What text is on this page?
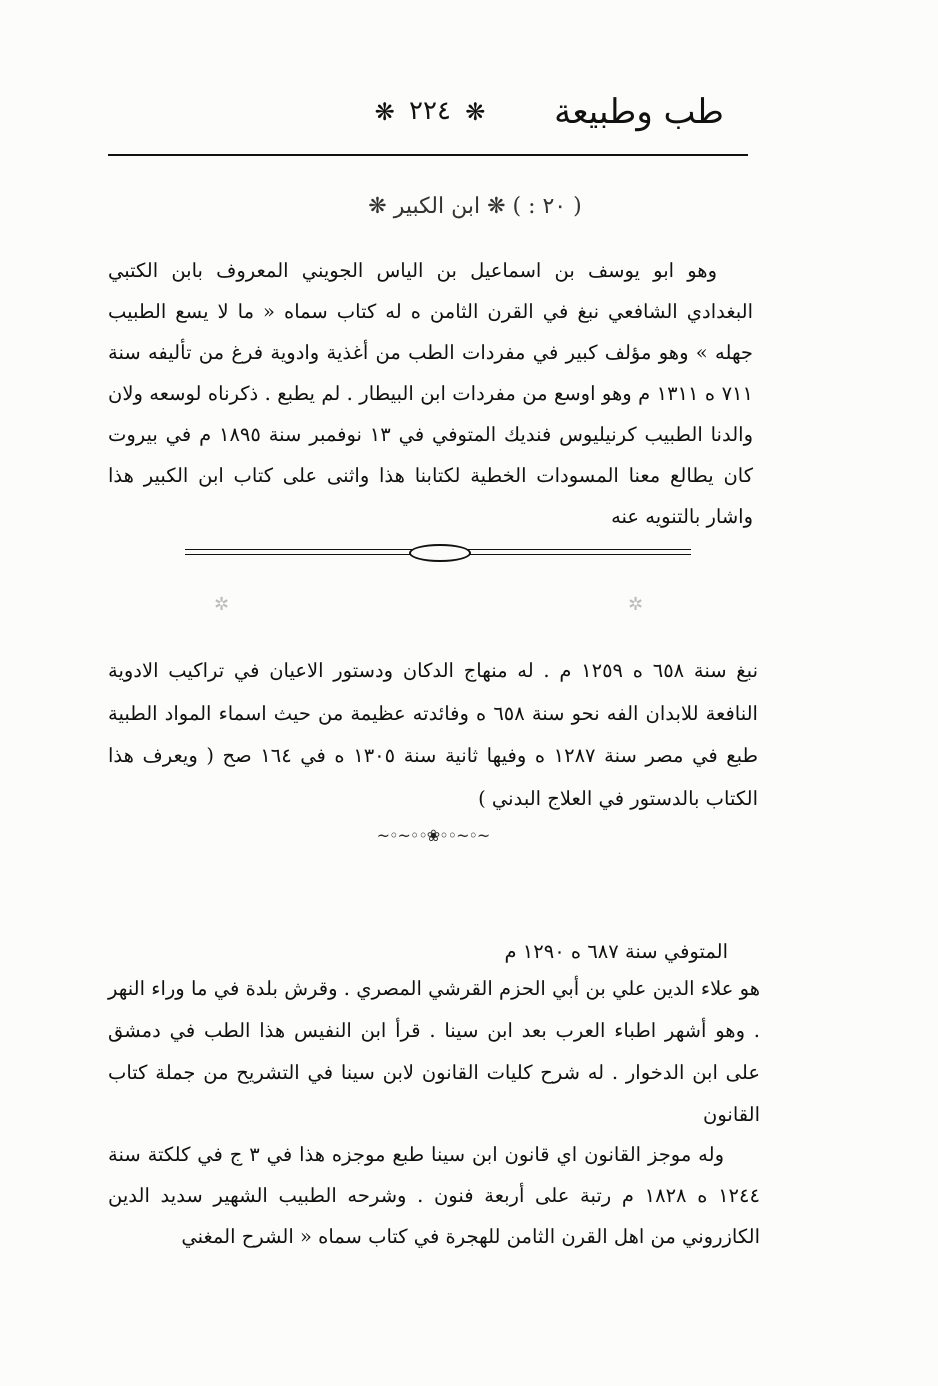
طب وطبيعة
❋ ٢٢٤ ❋
( ٢٠ : ) ❋ ابن الكبير ❋

وهو ابو يوسف بن اسماعيل بن الياس الجويني المعروف بابن الكتبي البغدادي الشافعي نبغ في القرن الثامن ه له كتاب سماه « ما لا يسع الطبيب جهله » وهو مؤلف كبير في مفردات الطب من أغذية وادوية فرغ من تأليفه سنة ٧١١ ه ١٣١١ م وهو اوسع من مفردات ابن البيطار . لم يطبع . ذكرناه لوسعه ولان والدنا الطبيب كرنيليوس فنديك المتوفي في ١٣ نوفمبر سنة ١٨٩٥ م في بيروت كان يطالع معنا المسودات الخطية لكتابنا هذا واثنى على كتاب ابن الكبير هذا واشار بالتنويه عنه

✲	✲

نبغ سنة ٦٥٨ ه ١٢٥٩ م . له منهاج الدكان ودستور الاعيان في تراكيب الادوية النافعة للابدان الفه نحو سنة ٦٥٨ ه وفائدته عظيمة من حيث اسماء المواد الطبية طبع في مصر سنة ١٢٨٧ ه وفيها ثانية سنة ١٣٠٥ ه في ١٦٤ صح ( ويعرف هذا الكتاب بالدستور في العلاج البدني )

~◦~◦◦❀◦◦~◦~

المتوفي سنة ٦٨٧ ه ١٢٩٠ م

هو علاء الدين علي بن أبي الحزم القرشي المصري . وقرش بلدة في ما وراء النهر . وهو أشهر اطباء العرب بعد ابن سينا . قرأ ابن النفيس هذا الطب في دمشق على ابن الدخوار . له شرح كليات القانون لابن سينا في التشريح من جملة كتاب القانون

وله موجز القانون اي قانون ابن سينا طبع موجزه هذا في ٣ ج في كلكتة سنة ١٢٤٤ ه ١٨٢٨ م رتبة على أربعة فنون . وشرحه الطبيب الشهير سديد الدين الكازروني من اهل القرن الثامن للهجرة في كتاب سماه « الشرح المغني
